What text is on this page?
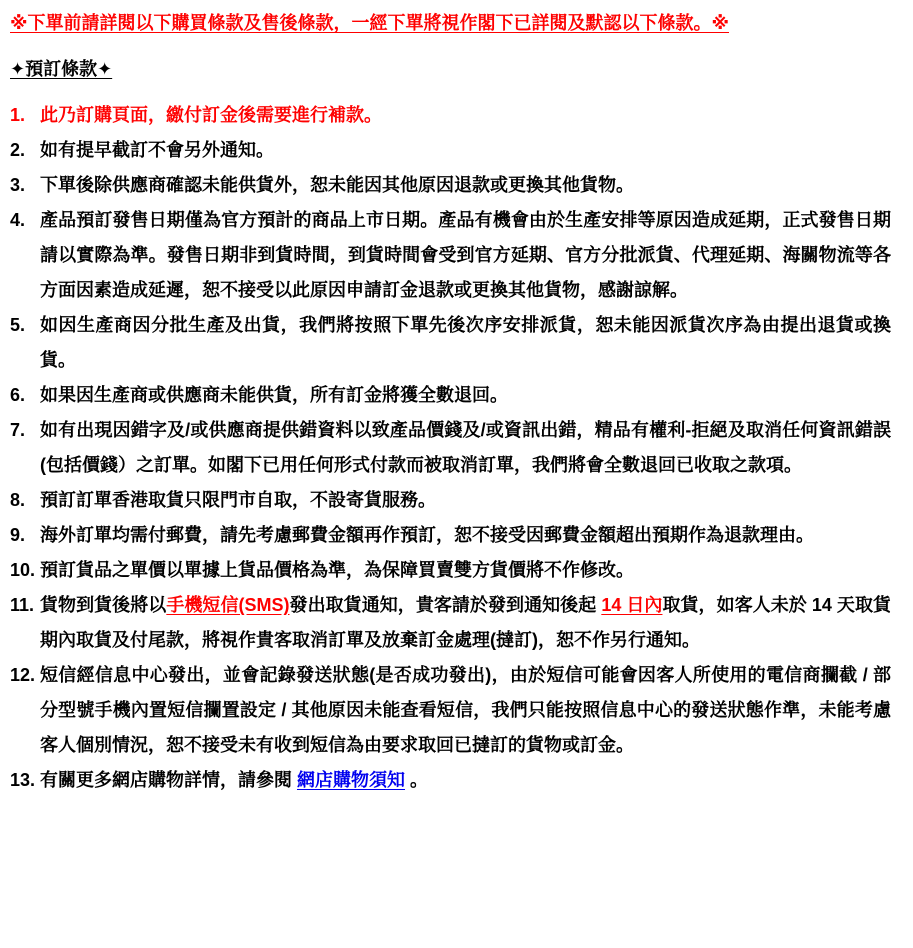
※下單前請詳閱以下購買條款及售後條款，一經下單將視作閣下已詳閱及默認以下條款。※
✦預訂條款✦
1. 此乃訂購頁面，繳付訂金後需要進行補款。
2. 如有提早截訂不會另外通知。
3. 下單後除供應商確認未能供貨外，恕未能因其他原因退款或更換其他貨物。
4. 產品預訂發售日期僅為官方預計的商品上市日期。產品有機會由於生產安排等原因造成延期，正式發售日期請以實際為準。發售日期非到貨時間，到貨時間會受到官方延期、官方分批派貨、代理延期、海關物流等各方面因素造成延遲，恕不接受以此原因申請訂金退款或更換其他貨物，感謝諒解。
5. 如因生產商因分批生產及出貨，我們將按照下單先後次序安排派貨，恕未能因派貨次序為由提出退貨或換貨。
6. 如果因生產商或供應商未能供貨，所有訂金將獲全數退回。
7. 如有出現因錯字及/或供應商提供錯資料以致產品價錢及/或資訊出錯，精品有權利-拒絕及取消任何資訊錯誤(包括價錢）之訂單。如閣下已用任何形式付款而被取消訂單，我們將會全數退回已收取之款項。
8. 預訂訂單香港取貨只限門市自取，不設寄貨服務。
9. 海外訂單均需付郵費，請先考慮郵費金額再作預訂，恕不接受因郵費金額超出預期作為退款理由。
10. 預訂貨品之單價以單據上貨品價格為準，為保障買賣雙方貨價將不作修改。
11. 貨物到貨後將以手機短信(SMS)發出取貨通知，貴客請於發到通知後起 14 日內取貨，如客人未於 14 天取貨期內取貨及付尾款，將視作貴客取消訂單及放棄訂金處理(撻訂)，恕不作另行通知。
12. 短信經信息中心發出，並會記錄發送狀態(是否成功發出)，由於短信可能會因客人所使用的電信商攔截 / 部分型號手機內置短信攔置設定 / 其他原因未能查看短信，我們只能按照信息中心的發送狀態作準，未能考慮客人個別情況，恕不接受未有收到短信為由要求取回已撻訂的貨物或訂金。
13. 有關更多網店購物詳情，請參閱 網店購物須知 。
